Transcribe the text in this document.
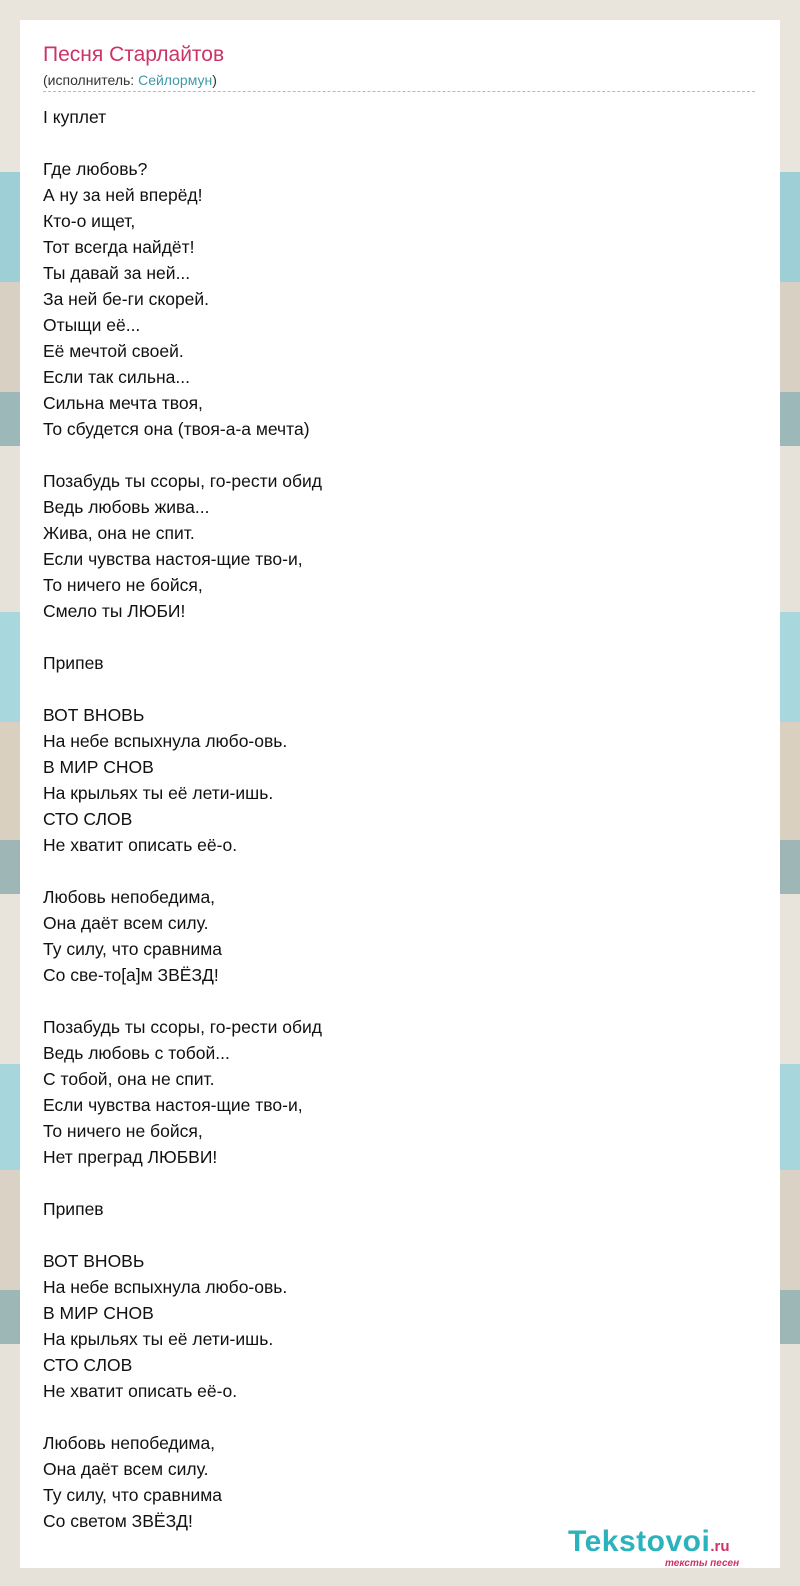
Песня Старлайтов
(исполнитель: Сейлормун)
I куплет
Где любовь?
А ну за ней вперёд!
Кто-о ищет,
Тот всегда найдёт!
Ты давай за ней...
За ней бе-ги скорей.
Отыщи её...
Её мечтой своей.
Если так сильна...
Сильна мечта твоя,
То сбудется она (твоя-а-а мечта)
Позабудь ты ссоры, го-рести обид
Ведь любовь жива...
Жива, она не спит.
Если чувства настоя-щие тво-и,
То ничего не бойся,
Смело ты ЛЮБИ!
Припев
ВОТ ВНОВЬ
На небе вспыхнула любо-овь.
В МИР СНОВ
На крыльях ты её лети-ишь.
СТО СЛОВ
Не хватит описать её-о.
Любовь непобедима,
Она даёт всем силу.
Ту силу, что сравнима
Со све-то[а]м ЗВЁЗД!
Позабудь ты ссоры, го-рести обид
Ведь любовь с тобой...
С тобой, она не спит.
Если чувства настоя-щие тво-и,
То ничего не бойся,
Нет преград ЛЮБВИ!
Припев
ВОТ ВНОВЬ
На небе вспыхнула любо-овь.
В МИР СНОВ
На крыльях ты её лети-ишь.
СТО СЛОВ
Не хватит описать её-о.
Любовь непобедима,
Она даёт всем силу.
Ту силу, что сравнима
Со светом ЗВЁЗД!
Tekstovoi.ru
тексты песен
